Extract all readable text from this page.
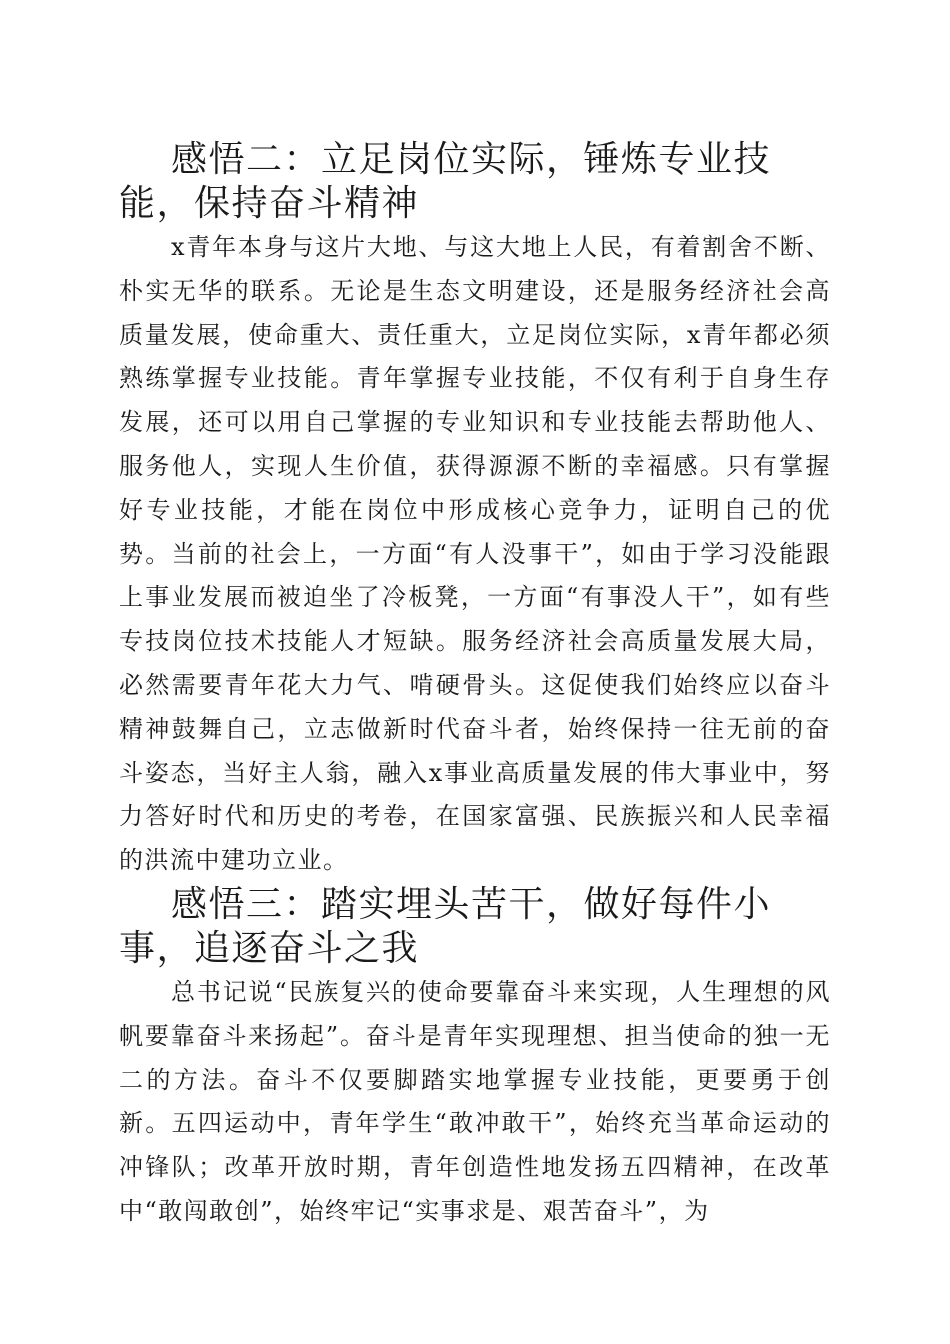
感悟二：立足岗位实际，锤炼专业技能，保持奋斗精神

x青年本身与这片大地、与这大地上人民，有着割舍不断、朴实无华的联系。无论是生态文明建设，还是服务经济社会高质量发展，使命重大、责任重大，立足岗位实际，x青年都必须熟练掌握专业技能。青年掌握专业技能，不仅有利于自身生存发展，还可以用自己掌握的专业知识和专业技能去帮助他人、服务他人，实现人生价值，获得源源不断的幸福感。只有掌握好专业技能，才能在岗位中形成核心竞争力，证明自己的优势。当前的社会上，一方面“有人没事干”，如由于学习没能跟上事业发展而被迫坐了冷板凳，一方面“有事没人干”，如有些专技岗位技术技能人才短缺。服务经济社会高质量发展大局，必然需要青年花大力气、啃硬骨头。这促使我们始终应以奋斗精神鼓舞自己，立志做新时代奋斗者，始终保持一往无前的奋斗姿态，当好主人翁，融入x事业高质量发展的伟大事业中，努力答好时代和历史的考卷，在国家富强、民族振兴和人民幸福的洪流中建功立业。

感悟三：踏实埋头苦干，做好每件小事，追逐奋斗之我

总书记说“民族复兴的使命要靠奋斗来实现，人生理想的风帆要靠奋斗来扬起”。奋斗是青年实现理想、担当使命的独一无二的方法。奋斗不仅要脚踏实地掌握专业技能，更要勇于创新。五四运动中，青年学生“敢冲敢干”，始终充当革命运动的冲锋队；改革开放时期，青年创造性地发扬五四精神，在改革中“敢闯敢创”，始终牢记“实事求是、艰苦奋斗”，为
